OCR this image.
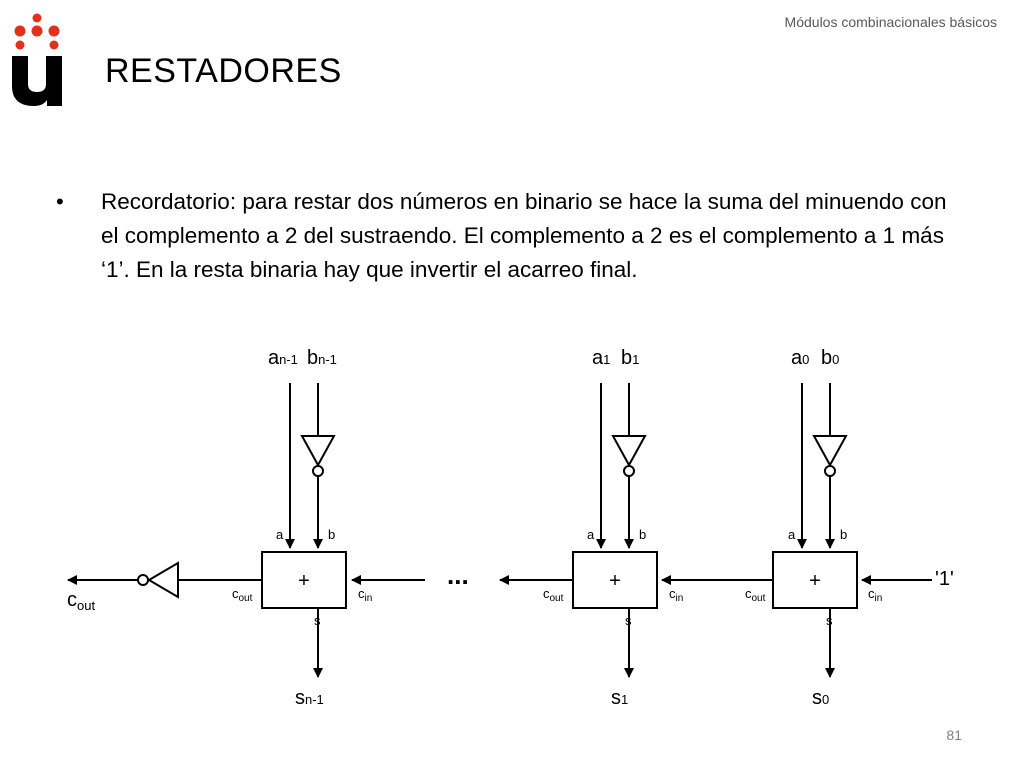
Módulos combinacionales básicos
RESTADORES
•	Recordatorio: para restar dos números en binario se hace la suma del minuendo con el complemento a 2 del sustraendo. El complemento a 2 es el complemento a 1 más ‘1’. En la resta binaria hay que invertir el acarreo final.
an-1 bn-1
a	b
+
$c_{out}$	$c_{in}$
s
sn-1
a1 b1
a	b
+
$c_{out}$	$c_{in}$
s
s1
a0 b0
a	b
+
$c_{out}$	$c_{in}$
s
s0
$c_{out}$
...	'1'
81
